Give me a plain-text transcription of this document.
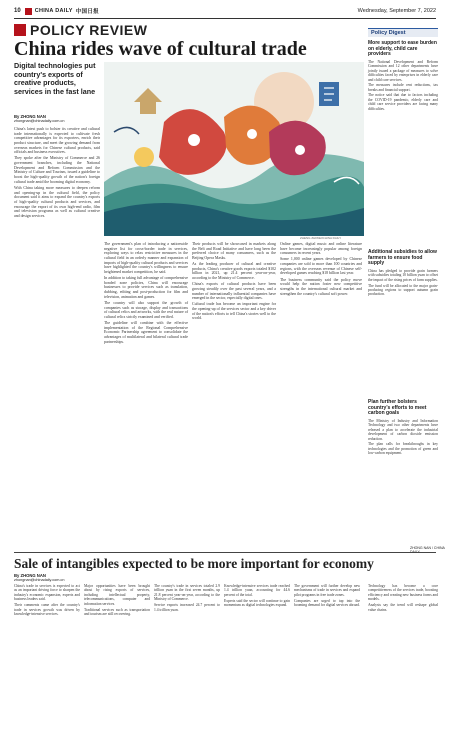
10	CHINA DAILY 中国日报	Wednesday, September 7, 2022
POLICY REVIEW
China rides wave of cultural trade
Digital technologies put country's exports of creative products, services in the fast lane
By ZHONG NAN
zhongnan@chinadaily.com.cn

China's latest push to bolster its creative and cultural trade internationally is expected to cultivate fresh competitive advantages for its exporters, enrich their product structure, and meet the growing demand from overseas markets for Chinese cultural products, said officials and business executives.

They spoke after the Ministry of Commerce and 26 government branches, including the National Development and Reform Commission and the Ministry of Culture and Tourism, issued a guideline to boost the high-quality growth of the nation's foreign cultural trade amid the booming digital economy.

With China taking more measures to deepen reform and opening-up in the cultural field, the policy document said it aims to expand the country's exports of high-quality cultural products and services, and encourage the export of its own high-end radio, film and television programs as well as cultural creative and design services.

ZHENG ZHIWEI/CHINA DAILY

The government's plan of introducing a nationwide negative list for cross-border trade in services, exploring ways to relax restrictive measures in the cultural field in an orderly manner and expansion of imports of high-quality cultural products and services have highlighted the country's willingness to ensure heightened market competition, he said.

In addition to taking full advantage of comprehensive bonded zone policies, China will encourage businesses to provide services such as translation, dubbing, editing and post-production for film and television, animation and games.

The country will also support the growth of companies such as storage, display and transactions of cultural relics and artworks, with the real nature of cultural relics strictly examined and verified.

The guideline will combine with the effective implementation of the Regional Comprehensive Economic Partnership agreement to consolidate the advantages of multilateral and bilateral cultural trade partnerships.

Their products will be showcased in markets along the Belt and Road Initiative and have long been the preferred choice of many consumers, such as the Beijing Opera Masks.

As the leading producer of cultural and creative products, China's creative goods exports totaled $102 billion in 2021, up 21.4 percent year-on-year, according to the Ministry of Commerce.

China's exports of cultural products have been growing steadily over the past several years, and a number of internationally influential companies have emerged in the sector, especially digital ones.

Cultural trade has become an important engine for the opening-up of the services sector and a key driver of the nation's efforts to tell China's stories well to the world.

Online games, digital music and online literature have become increasingly popular among foreign consumers in recent years.

Some 1,000 online games developed by Chinese companies are sold to more than 100 countries and regions, with the overseas revenue of Chinese self-developed games reaching $18 billion last year.

The business community said the policy move would help the nation foster new competitive strengths in the international cultural market and strengthen the country's cultural soft power.

Policy Digest
More support to ease burden on elderly, child care providers

The National Development and Reform Commission and 12 other departments have jointly issued a package of measures to solve difficulties faced by enterprises in elderly care and child care services.

The measures include rent reductions, tax breaks and financial support.

The notice said that due to factors including the COVID-19 pandemic, elderly care and child care service providers are facing many difficulties.

Additional subsidies to allow farmers to ensure food supply

China has pledged to provide grain farmers with subsidies totaling 10 billion yuan to offset the impact of the rising prices of farm supplies.

The fund will be allocated to the major grain-producing regions to support autumn grain production.

Plan further bolsters country's efforts to meet carbon goals

The Ministry of Industry and Information Technology and two other departments have released a plan to accelerate the industrial development of carbon dioxide emission reduction.

The plan calls for breakthroughs in key technologies and the promotion of green and low-carbon equipment.

ZHONG NAN / CHINA DAILY
Sale of intangibles expected to be more important for economy
By ZHONG NAN
zhongnan@chinadaily.com.cn

China's trade in services is expected to act as an important driving force to sharpen the industry's economic expansion, experts and business leaders said.

Their comments came after the country's trade in services growth was driven by knowledge-intensive services.

Major opportunities have been brought about by rising exports of services, including intellectual property, telecommunications, computer and information services.

Traditional services such as transportation and tourism are still recovering.

The country's trade in services totaled 2.9 trillion yuan in the first seven months, up 21.8 percent year-on-year, according to the Ministry of Commerce.

Service exports increased 24.7 percent to 1.4 trillion yuan.

Knowledge-intensive services trade reached 1.4 trillion yuan, accounting for 44.6 percent of the total.

Experts said the sector will continue to gain momentum as digital technologies expand.

The government will further develop new mechanisms of trade in services and expand pilot programs in free trade zones.

Companies are urged to tap into the booming demand for digital services abroad.

Technology has become a core competitiveness of the services trade, boosting efficiency and creating new business forms and models.

Analysts say the trend will reshape global value chains.
